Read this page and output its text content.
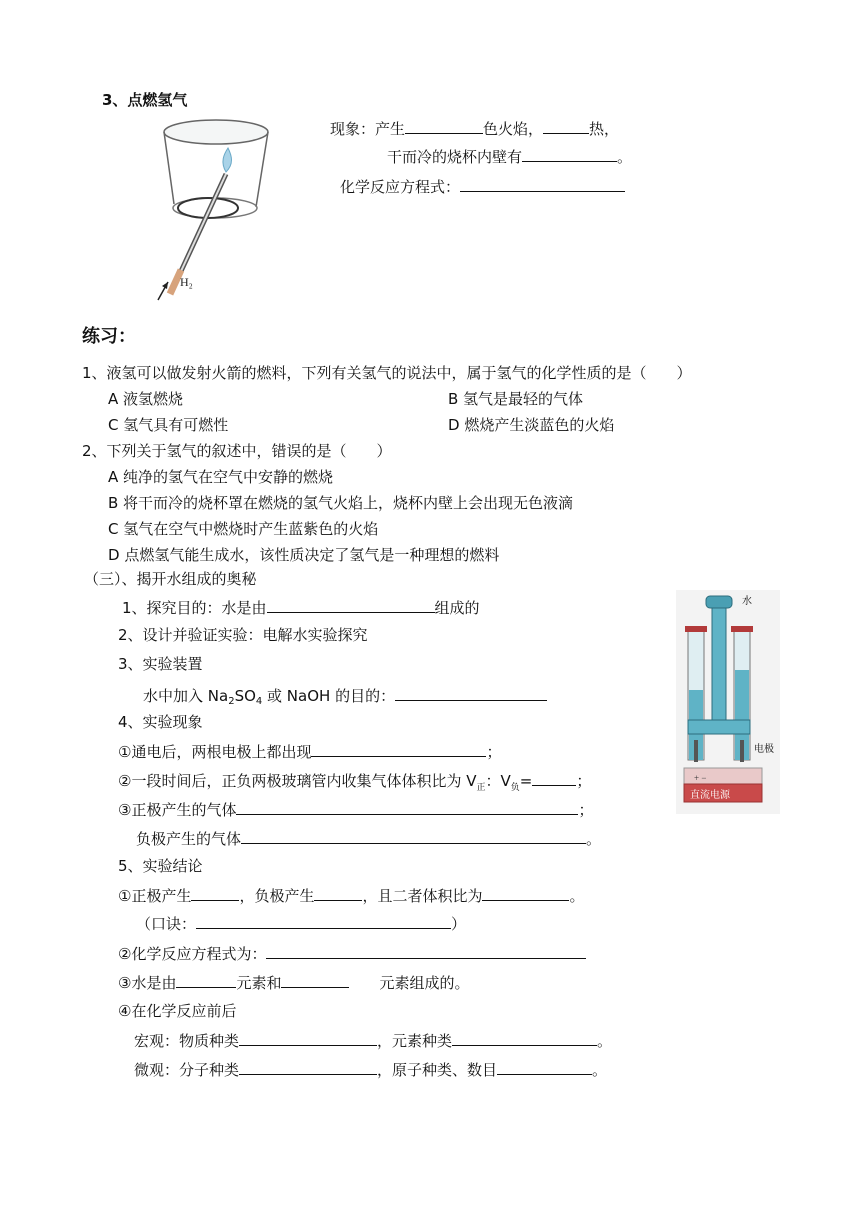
3、点燃氢气
H₂
现象：产生	色火焰，	热，
干而冷的烧杯内壁有	。
化学反应方程式：
练习：
1、液氢可以做发射火箭的燃料，下列有关氢气的说法中，属于氢气的化学性质的是（　　）
A 液氢燃烧	B 氢气是最轻的气体
C 氢气具有可燃性	D 燃烧产生淡蓝色的火焰
2、下列关于氢气的叙述中，错误的是（　　）
A 纯净的氢气在空气中安静的燃烧
B 将干而冷的烧杯罩在燃烧的氢气火焰上，烧杯内壁上会出现无色液滴
C 氢气在空气中燃烧时产生蓝紫色的火焰
D 点燃氢气能生成水，该性质决定了氢气是一种理想的燃料
（三）、揭开水组成的奥秘
1、探究目的：水是由	组成的
2、设计并验证实验：电解水实验探究
3、实验装置
水中加入 $Na_2SO_4$ 或 NaOH 的目的：
4、实验现象
①通电后，两根电极上都出现	；
②一段时间后，正负两极玻璃管内收集气体体积比为 $V_正$：$V_负=$	；
③正极产生的气体	；
负极产生的气体	。
5、实验结论
①正极产生	，负极产生	，且二者体积比为	。
（口诀：	）
②化学反应方程式为：
③水是由	元素和	元素组成的。
④在化学反应前后
宏观：物质种类	，元素种类	。
微观：分子种类	，原子种类、数目	。
+ −
水
电极
直流电源
